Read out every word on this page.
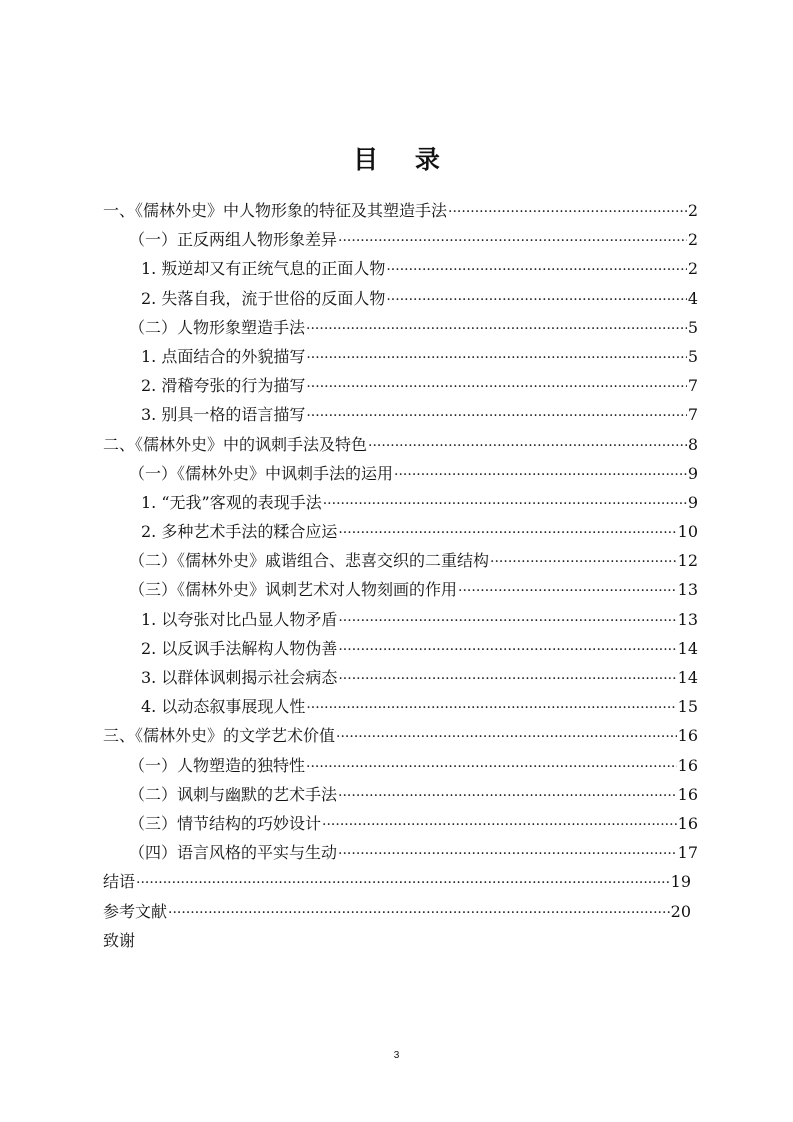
目 录
一、《儒林外史》中人物形象的特征及其塑造手法 ·····	2
（一）正反两组人物形象差异 ·····	2
1. 叛逆却又有正统气息的正面人物 ·····	2
2. 失落自我，流于世俗的反面人物 ·····	4
（二）人物形象塑造手法 ·····	5
1. 点面结合的外貌描写 ·····	5
2. 滑稽夸张的行为描写 ·····	7
3. 别具一格的语言描写 ·····	7
二、《儒林外史》中的讽刺手法及特色 ·····	8
（一）《儒林外史》中讽刺手法的运用 ·····	9
1. “无我”客观的表现手法 ·····	9
2. 多种艺术手法的糅合应运 ·····	10
（二）《儒林外史》戚谐组合、悲喜交织的二重结构 ·····	12
（三）《儒林外史》讽刺艺术对人物刻画的作用 ·····	13
1. 以夸张对比凸显人物矛盾 ·····	13
2. 以反讽手法解构人物伪善 ·····	14
3. 以群体讽刺揭示社会病态 ·····	14
4. 以动态叙事展现人性 ·····	15
三、《儒林外史》的文学艺术价值 ·····	16
（一）人物塑造的独特性 ·····	16
（二）讽刺与幽默的艺术手法 ·····	16
（三）情节结构的巧妙设计 ·····	16
（四）语言风格的平实与生动 ·····	17
结语 ·····	19
参考文献 ·····	20
致谢
3
